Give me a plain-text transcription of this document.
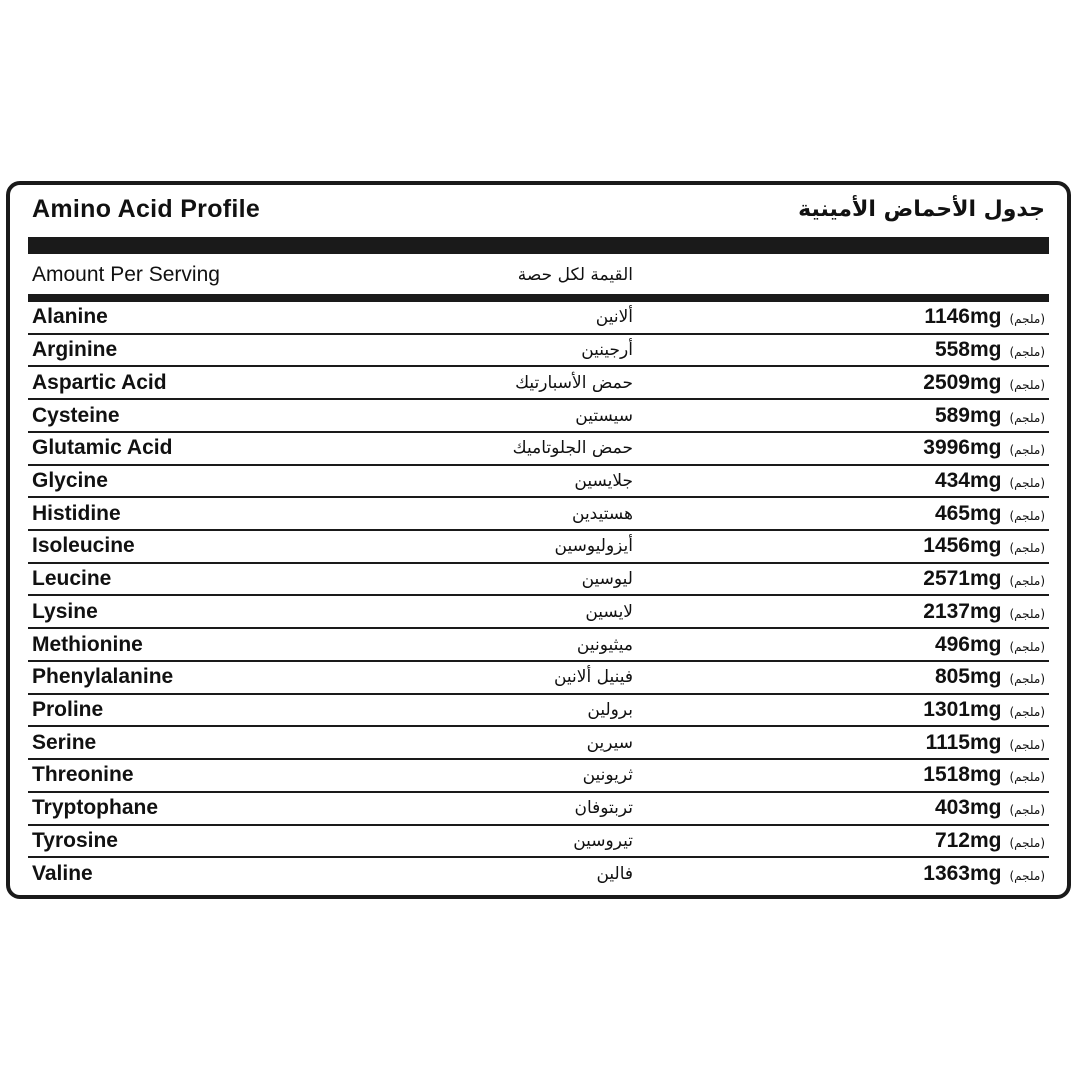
Amino Acid Profile	جدول الأحماض الأمينية
Amount Per Serving	القيمة لكل حصة
Alanine	ألانين	1146mg (ملجم)
Arginine	أرجينين	558mg (ملجم)
Aspartic Acid	حمض الأسبارتيك	2509mg (ملجم)
Cysteine	سيستين	589mg (ملجم)
Glutamic Acid	حمض الجلوتاميك	3996mg (ملجم)
Glycine	جلايسين	434mg (ملجم)
Histidine	هستيدين	465mg (ملجم)
Isoleucine	أيزوليوسين	1456mg (ملجم)
Leucine	ليوسين	2571mg (ملجم)
Lysine	لايسين	2137mg (ملجم)
Methionine	ميثيونين	496mg (ملجم)
Phenylalanine	فينيل ألانين	805mg (ملجم)
Proline	برولين	1301mg (ملجم)
Serine	سيرين	1115mg (ملجم)
Threonine	ثريونين	1518mg (ملجم)
Tryptophane	تربتوفان	403mg (ملجم)
Tyrosine	تيروسين	712mg (ملجم)
Valine	فالين	1363mg (ملجم)
